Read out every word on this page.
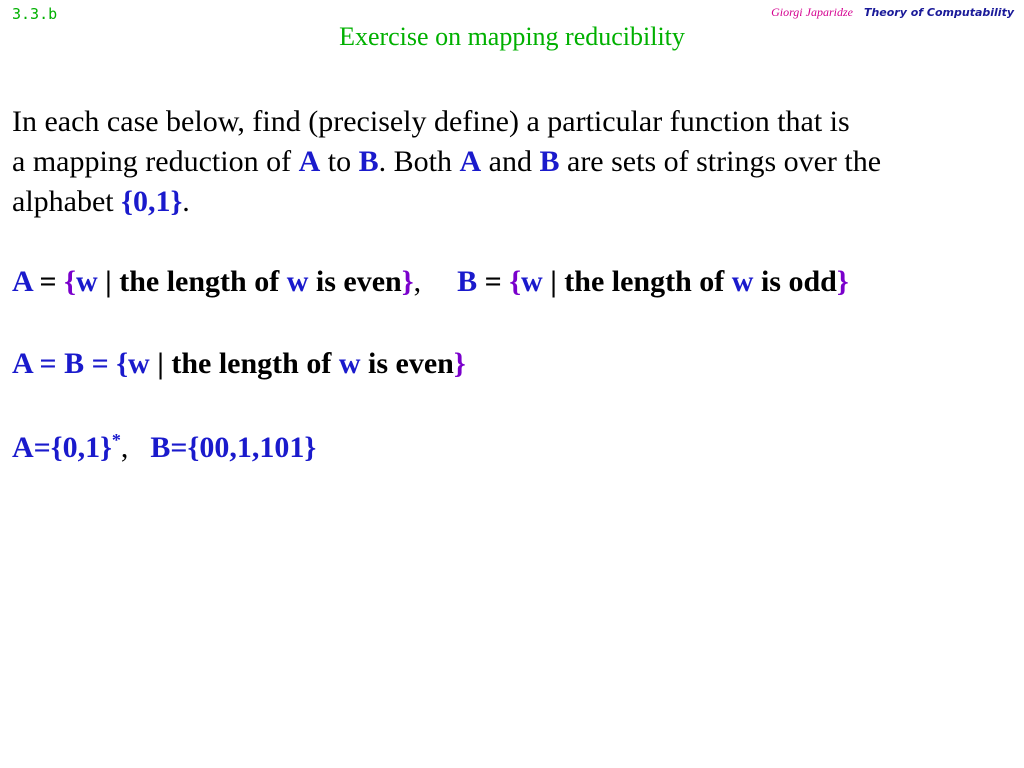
3.3.b	Giorgi Japaridze Theory of Computability
Exercise on mapping reducibility

In each case below, find (precisely define) a particular function that is

a mapping reduction of A to B. Both A and B are sets of strings over the

alphabet {0,1}.

A = {w | the length of w is even}, B = {w | the length of w is odd}
A = B = {w | the length of w is even}
A={0,1}*, B={00,1,101}
